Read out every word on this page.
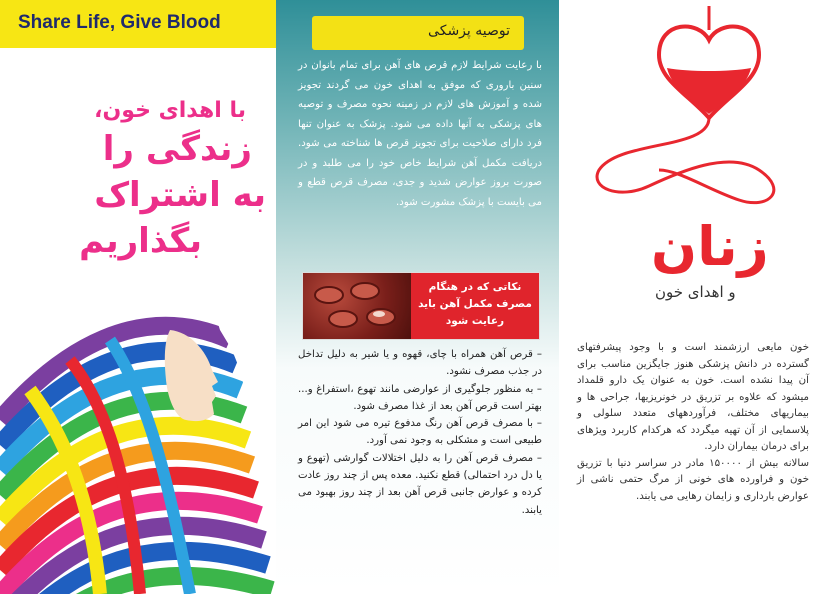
Share Life, Give Blood
با اهدای خون،
زندگی را
به اشتراک
بگذاریم
توصیه پزشکی
با رعایت شرایط لازم قرص های آهن برای تمام بانوان در سنین باروری که موفق به اهدای خون می گردند تجویز شده و آموزش های لازم در زمینه نحوه مصرف و توصیه های پزشکی به آنها داده می شود. پزشک به عنوان تنها فرد دارای صلاحیت برای تجویز قرص ها شناخته می شود. دریافت مکمل آهن شرایط خاص خود را می طلبد و در صورت بروز عوارض شدید و جدی، مصرف قرص قطع و می بایست با پزشک مشورت شود.
نکاتی که در هنگام مصرف مکمل آهن باید رعایت شود

– قرص آهن همراه با چای، قهوه و یا شیر به دلیل تداخل در جذب مصرف نشود.

– به منظور جلوگیری از عوارضی مانند تهوع ،استفراغ و... بهتر است قرص آهن بعد از غذا مصرف شود.

– با مصرف قرص آهن رنگ مدفوع تیره می شود این امر طبیعی است و مشکلی به وجود نمی آورد.

– مصرف قرص آهن را به دلیل اختلالات گوارشی (تهوع و یا دل درد احتمالی) قطع نکنید. معده پس از چند روز عادت کرده و عوارض جانبی قرص آهن بعد از چند روز بهبود می یابند.

زنان
و اهدای خون

خون مایعی ارزشمند است و با وجود پیشرفتهای گسترده در دانش پزشکی هنوز جایگزین مناسب برای آن پیدا نشده است. خون به عنوان یک دارو قلمداد میشود که علاوه بر تزریق در خونریزیها، جراحی ها و بیماریهای مختلف، فرآوردههای متعدد سلولی و پلاسمایی از آن تهیه میگردد که هرکدام کاربرد ویژهای برای درمان بیماران دارد.

سالانه بیش از ۱۵۰۰۰۰ مادر در سراسر دنیا با تزریق خون و فراورده های خونی از مرگ حتمی ناشی از عوارض بارداری و زایمان رهایی می یابند.
